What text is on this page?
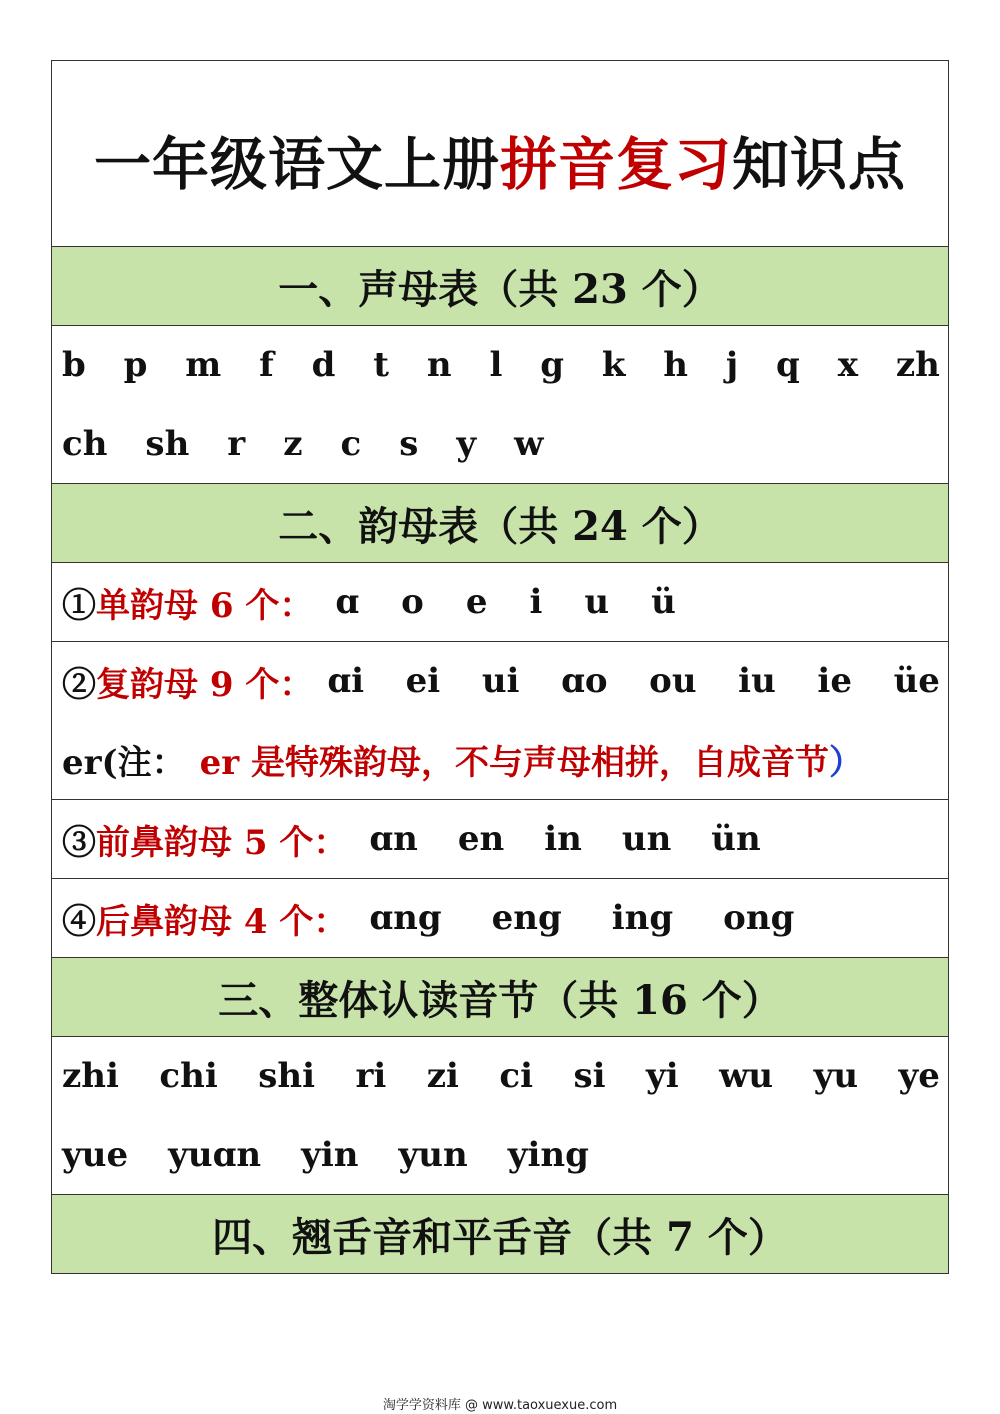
一年级语文上册拼音复习知识点
一、声母表（共 23 个）
b p m f d t n l g k h j q x zh
ch sh r z c s y w
二、韵母表（共 24 个）
①单韵母 6 个： ɑ o e i u ü
②复韵母 9 个： ɑi ei ui ɑo ou iu ie üe
er(注： er 是特殊韵母，不与声母相拼，自成音节 ）
③前鼻韵母 5 个： ɑn en in un ün
④后鼻韵母 4 个： ɑng eng ing ong
三、整体认读音节（共 16 个）
zhi chi shi ri zi ci si yi wu yu ye
yue yuɑn yin yun ying
四、翘舌音和平舌音（共 7 个）
淘学学资料库 @ www.taoxuexue.com
